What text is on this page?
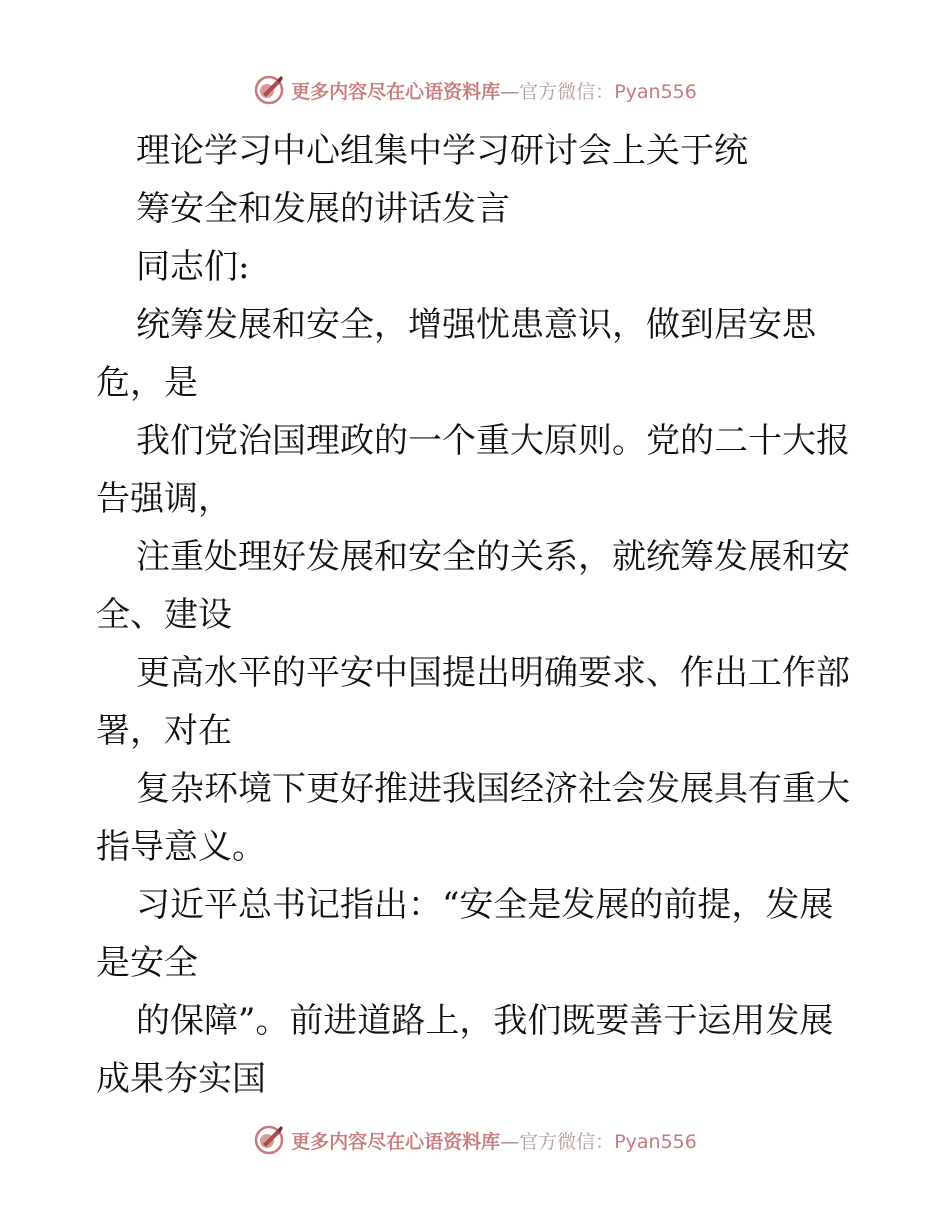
更多内容尽在心语资料库—官方微信：Pyan556
理论学习中心组集中学习研讨会上关于统
筹安全和发展的讲话发言
同志们:
统筹发展和安全，增强忧患意识，做到居安思
危，是
我们党治国理政的一个重大原则。党的二十大报
告强调，
注重处理好发展和安全的关系，就统筹发展和安
全、建设
更高水平的平安中国提出明确要求、作出工作部
署，对在
复杂环境下更好推进我国经济社会发展具有重大
指导意义。
习近平总书记指出：“安全是发展的前提，发展
是安全
的保障”。前进道路上，我们既要善于运用发展
成果夯实国
更多内容尽在心语资料库—官方微信：Pyan556
